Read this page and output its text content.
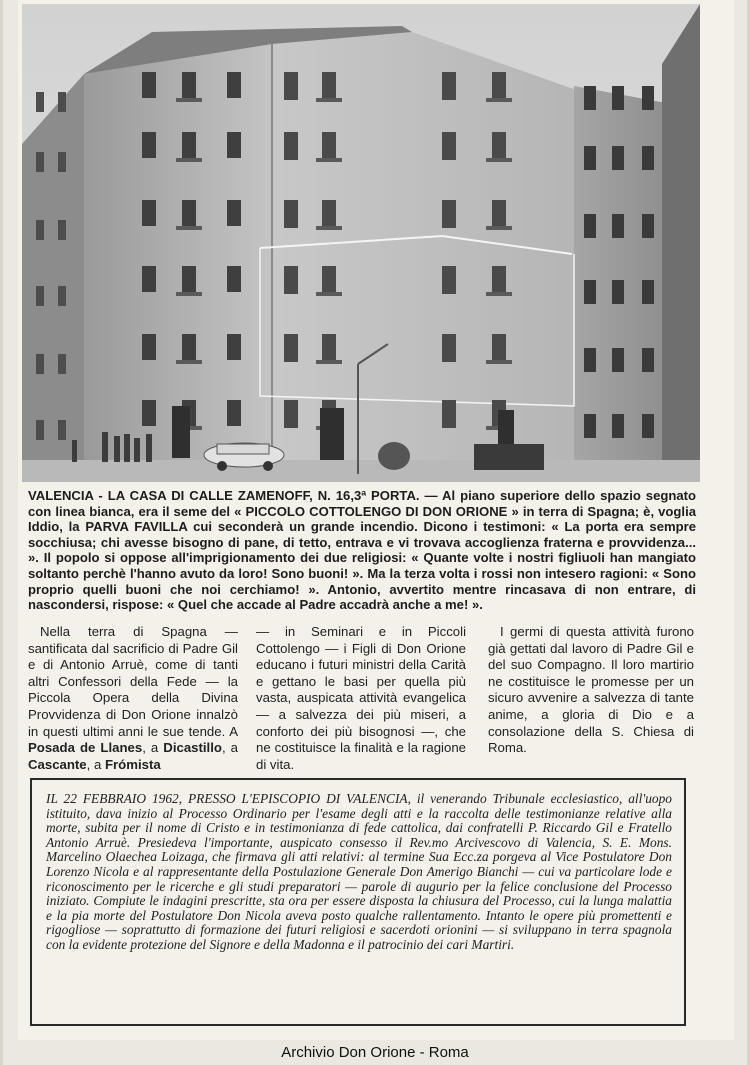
VALENCIA - LA CASA DI CALLE ZAMENOFF, N. 16,3ª PORTA. — Al piano superiore dello spazio segnato con linea bianca, era il seme del « PICCOLO COTTOLENGO DI DON ORIONE » in terra di Spagna; è, voglia Iddio, la PARVA FAVILLA cui seconderà un grande incendio. Dicono i testimoni: « La porta era sempre socchiusa; chi avesse bisogno di pane, di tetto, entrava e vi trovava accoglienza fraterna e provvidenza... ». Il popolo si oppose all'imprigionamento dei due religiosi: « Quante volte i nostri figliuoli han mangiato soltanto perchè l'hanno avuto da loro! Sono buoni! ». Ma la terza volta i rossi non intesero ragioni: « Sono proprio quelli buoni che noi cerchiamo! ». Antonio, avvertito mentre rincasava di non entrare, di nascondersi, rispose: « Quel che accade al Padre accadrà anche a me! ».

Nella terra di Spagna — santificata dal sacrificio di Padre Gil e di Antonio Arruè, come di tanti altri Confessori della Fede — la Piccola Opera della Divina Provvidenza di Don Orione innalzò in questi ultimi anni le sue tende. A Posada de Llanes, a Dicastillo, a Cascante, a Frómista

— in Seminari e in Piccoli Cottolengo — i Figli di Don Orione educano i futuri ministri della Carità e gettano le basi per quella più vasta, auspicata attività evangelica — a salvezza dei più miseri, a conforto dei più bisognosi —, che ne costituisce la finalità e la ragione di vita.

I germi di questa attività furono già gettati dal lavoro di Padre Gil e del suo Compagno. Il loro martirio ne costituisce le promesse per un sicuro avvenire a salvezza di tante anime, a gloria di Dio e a consolazione della S. Chiesa di Roma.

IL 22 FEBBRAIO 1962, PRESSO L'EPISCOPIO DI VALENCIA, il venerando Tribunale ecclesiastico, all'uopo istituito, dava inizio al Processo Ordinario per l'esame degli atti e la raccolta delle testimonianze relative alla morte, subita per il nome di Cristo e in testimonianza di fede cattolica, dai confratelli P. Riccardo Gil e Fratello Antonio Arruè. Presiedeva l'importante, auspicato consesso il Rev.mo Arcivescovo di Valencia, S. E. Mons. Marcelino Olaechea Loizaga, che firmava gli atti relativi: al termine Sua Ecc.za porgeva al Vice Postulatore Don Lorenzo Nicola e al rappresentante della Postulazione Generale Don Amerigo Bianchi — cui va particolare lode e riconoscimento per le ricerche e gli studi preparatori — parole di augurio per la felice conclusione del Processo iniziato. Compiute le indagini prescritte, sta ora per essere disposta la chiusura del Processo, cui la lunga malattia e la pia morte del Postulatore Don Nicola aveva posto qualche rallentamento. Intanto le opere più promettenti e rigogliose — soprattutto di formazione dei futuri religiosi e sacerdoti orionini — si sviluppano in terra spagnola con la evidente protezione del Signore e della Madonna e il patrocinio dei cari Martiri.

Archivio Don Orione - Roma
